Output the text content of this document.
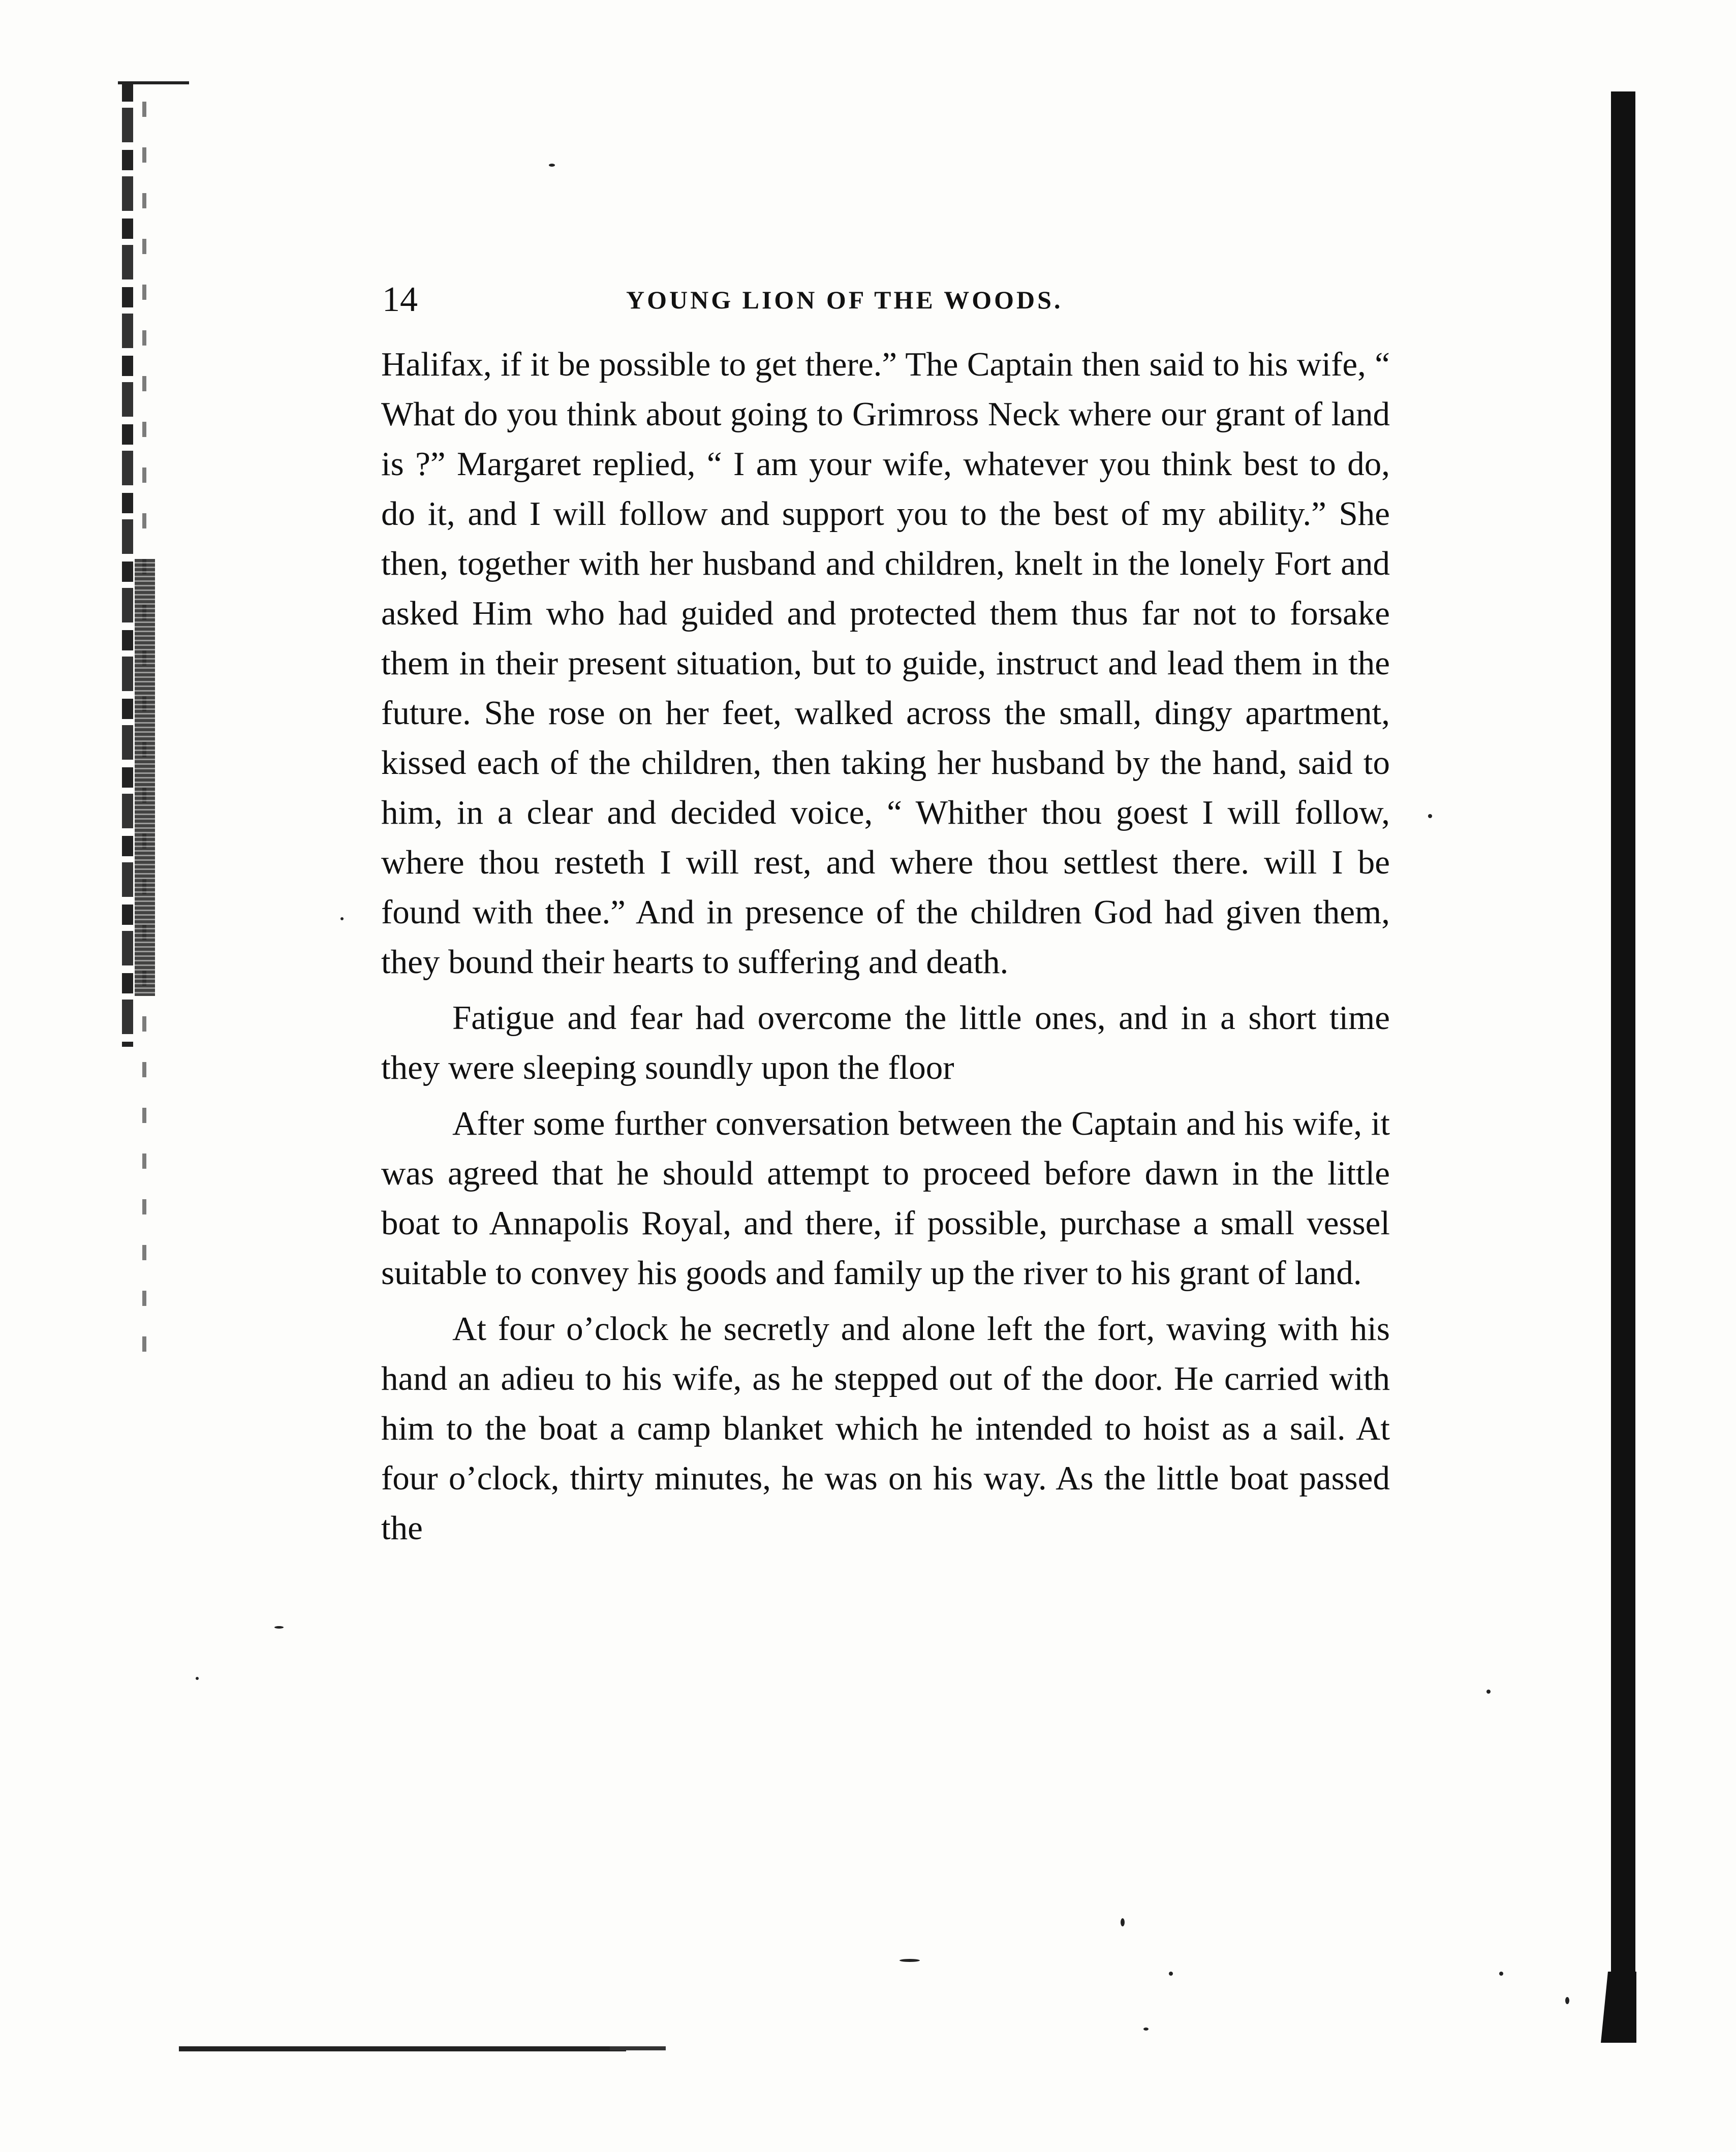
14	YOUNG LION OF THE WOODS.

Halifax, if it be possible to get there.” The Captain then said to his wife, “ What do you think about going to Grimross Neck where our grant of land is ?” Margaret replied, “ I am your wife, whatever you think best to do, do it, and I will follow and support you to the best of my ability.” She then, together with her husband and children, knelt in the lonely Fort and asked Him who had guided and protected them thus far not to forsake them in their present situation, but to guide, instruct and lead them in the future. She rose on her feet, walked across the small, dingy apartment, kissed each of the children, then taking her husband by the hand, said to him, in a clear and decided voice, “ Whither thou goest I will follow, where thou resteth I will rest, and where thou settlest there. will I be found with thee.” And in presence of the children God had given them, they bound their hearts to suffering and death.

Fatigue and fear had overcome the little ones, and in a short time they were sleeping soundly upon the floor

After some further conversation between the Captain and his wife, it was agreed that he should attempt to proceed before dawn in the little boat to Annapolis Royal, and there, if possible, purchase a small vessel suitable to convey his goods and family up the river to his grant of land.

At four o’clock he secretly and alone left the fort, waving with his hand an adieu to his wife, as he stepped out of the door. He carried with him to the boat a camp blanket which he intended to hoist as a sail. At four o’clock, thirty minutes, he was on his way. As the little boat passed the
